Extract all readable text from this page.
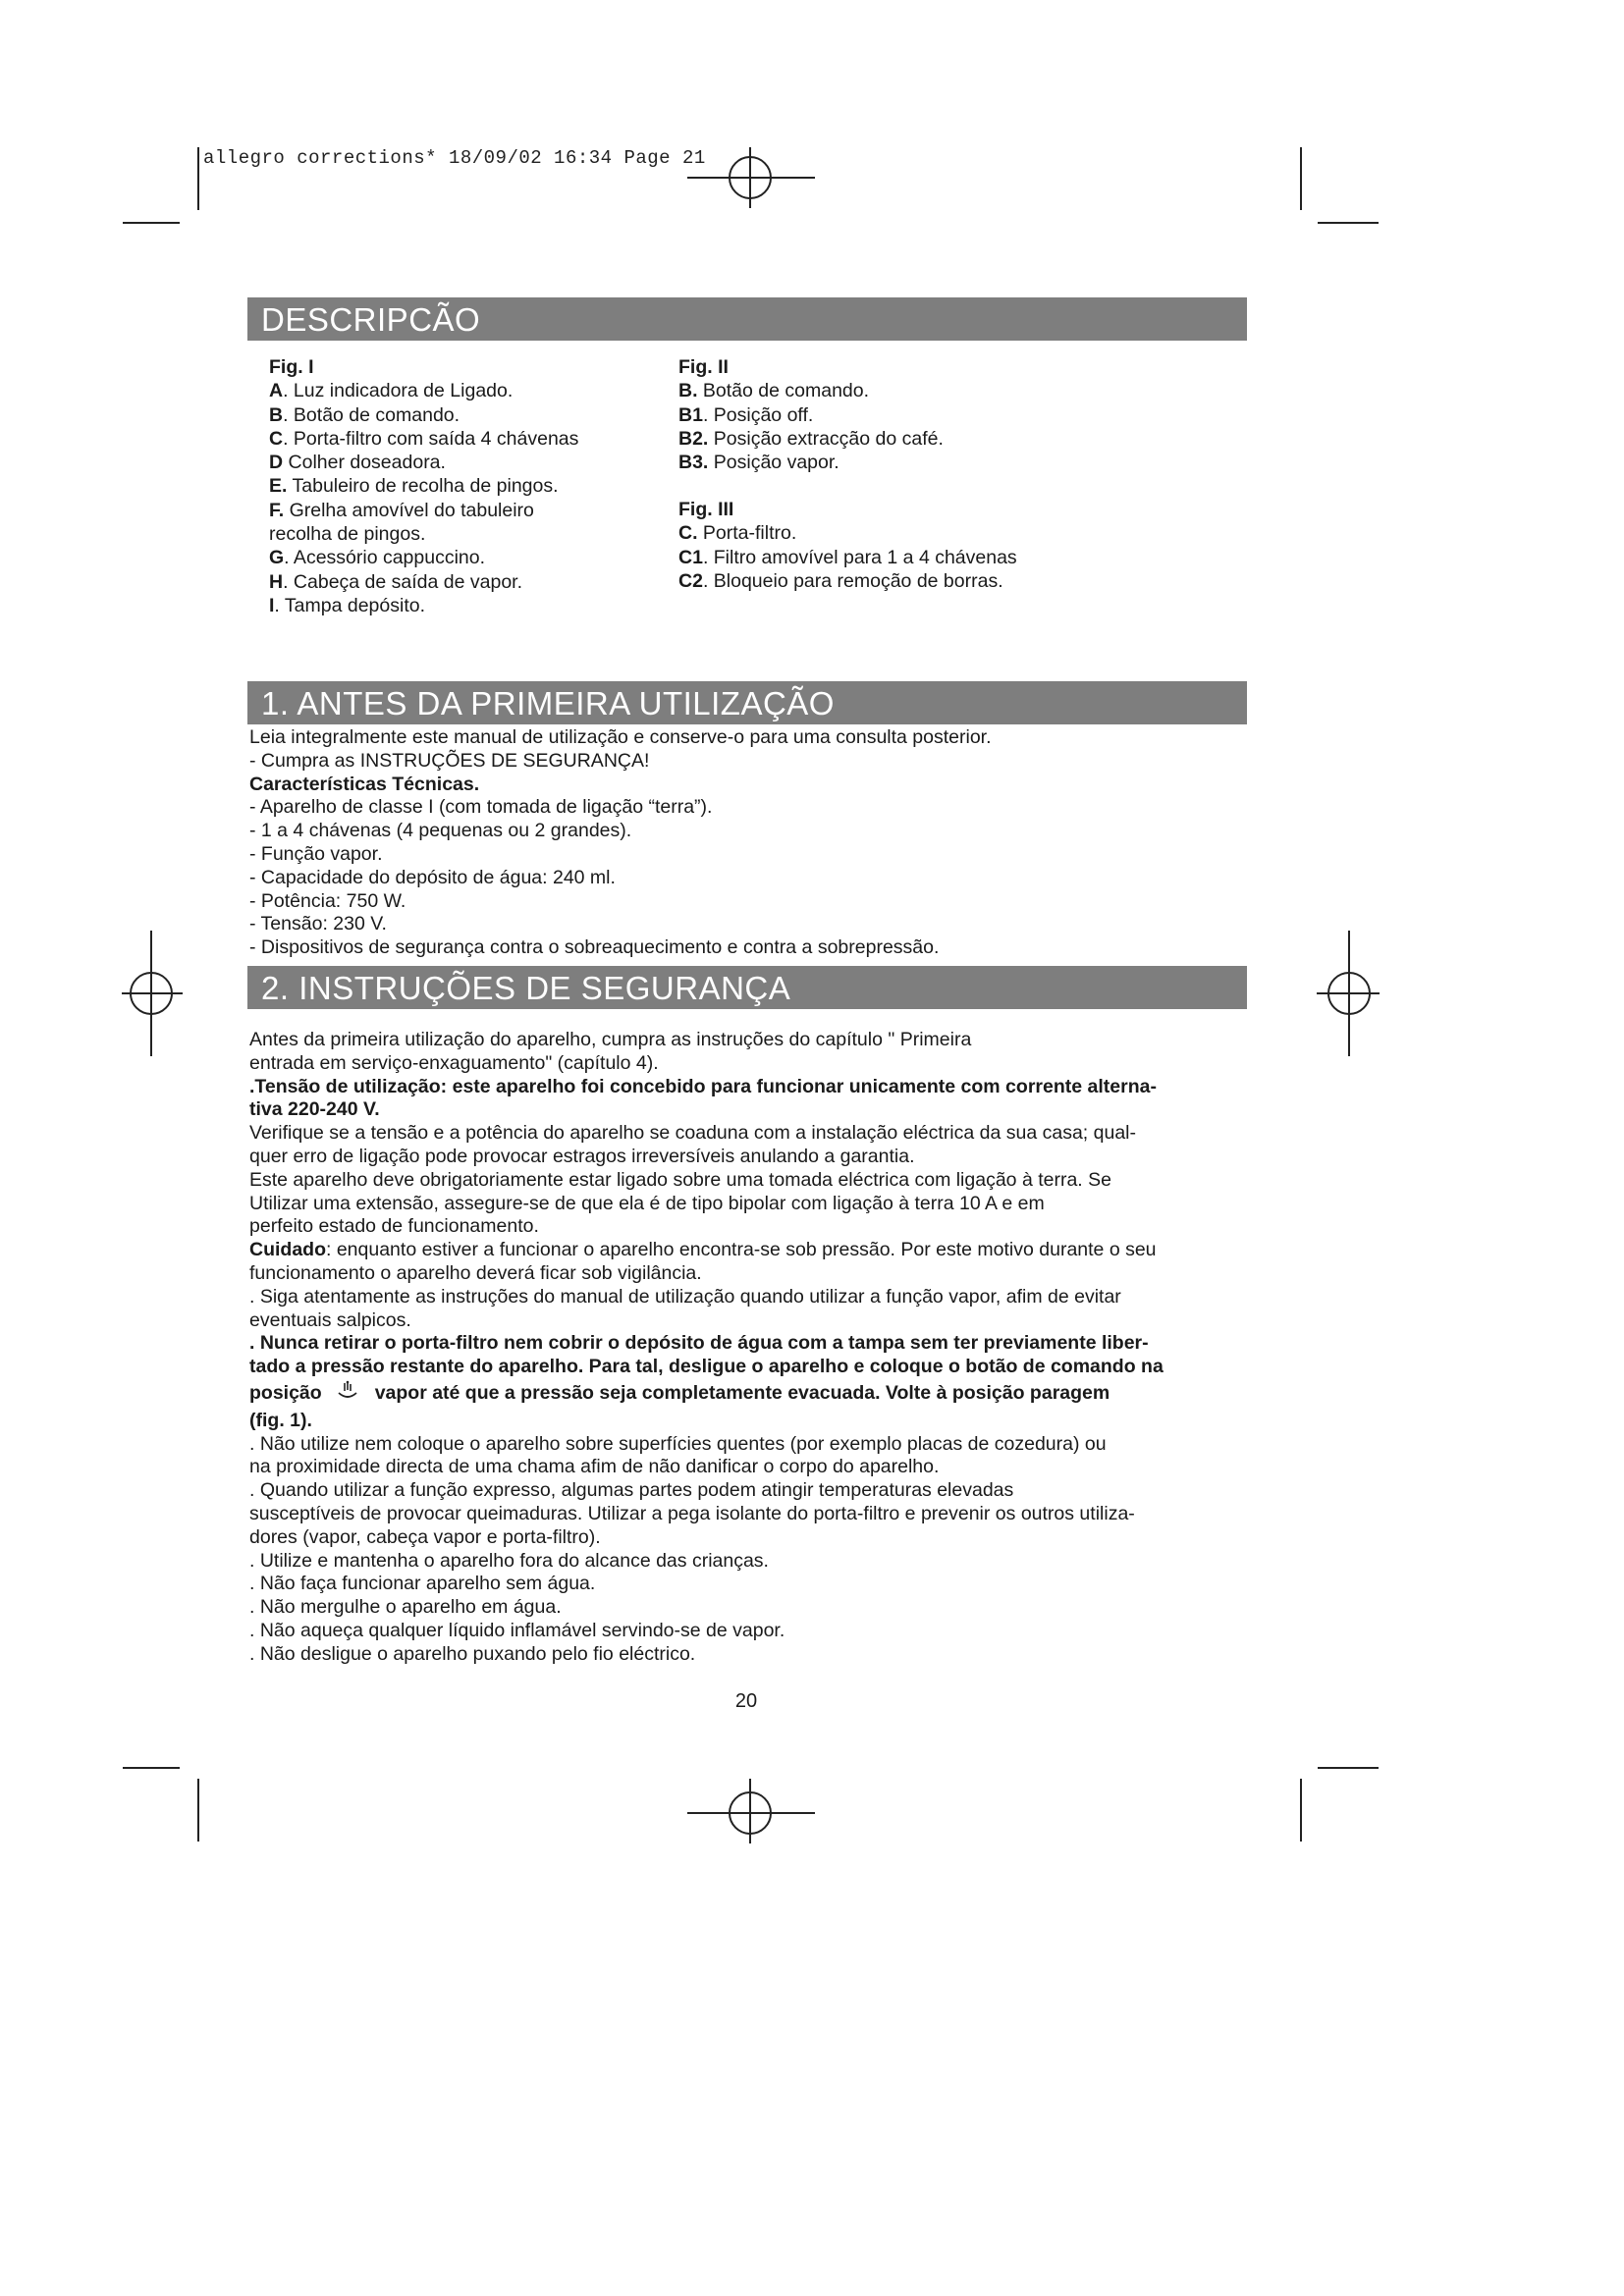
allegro corrections* 18/09/02 16:34 Page 21
DESCRIPCÃO
Fig. I
A. Luz indicadora de Ligado.
B. Botão de comando.
C. Porta-filtro com saída 4 chávenas
D Colher doseadora.
E. Tabuleiro de recolha de pingos.
F. Grelha amovível do tabuleiro
recolha de pingos.
G. Acessório cappuccino.
H. Cabeça de saída de vapor.
I. Tampa depósito.
Fig. II
B. Botão de comando.
B1. Posição off.
B2. Posição extracção do café.
B3. Posição vapor.
Fig. III
C. Porta-filtro.
C1. Filtro amovível para 1 a 4 chávenas
C2. Bloqueio para remoção de borras.
1. ANTES DA PRIMEIRA UTILIZAÇÃO
Leia integralmente este manual de utilização e conserve-o para uma consulta posterior.
- Cumpra as INSTRUÇÕES DE SEGURANÇA!
Características Técnicas.
- Aparelho de classe I (com tomada de ligação “terra”).
- 1 a 4 chávenas (4 pequenas ou 2 grandes).
- Função vapor.
- Capacidade do depósito de água: 240 ml.
- Potência: 750 W.
- Tensão: 230 V.
- Dispositivos de segurança contra o sobreaquecimento e contra a sobrepressão.
2. INSTRUÇÕES DE SEGURANÇA
Antes da primeira utilização do aparelho, cumpra as instruções do capítulo " Primeira
entrada em serviço-enxaguamento" (capítulo 4).
.Tensão de utilização: este aparelho foi concebido para funcionar unicamente com corrente alterna-
tiva 220-240 V.
Verifique se a tensão e a potência do aparelho se coaduna com a instalação eléctrica da sua casa; qual-
quer erro de ligação pode provocar estragos irreversíveis anulando a garantia.
Este aparelho deve obrigatoriamente estar ligado sobre uma tomada eléctrica com ligação à terra. Se
Utilizar uma extensão, assegure-se de que ela é de tipo bipolar com ligação à terra 10 A e em
perfeito estado de funcionamento.
Cuidado: enquanto estiver a funcionar o aparelho encontra-se sob pressão. Por este motivo durante o seu
funcionamento o aparelho deverá ficar sob vigilância.
. Siga atentamente as instruções do manual de utilização quando utilizar a função vapor, afim de evitar
eventuais salpicos.
. Nunca retirar o porta-filtro nem cobrir o depósito de água com a tampa sem ter previamente liber-
tado a pressão restante do aparelho. Para tal, desligue o aparelho e coloque o botão de comando na
posição	vapor até que a pressão seja completamente evacuada. Volte à posição paragem
(fig. 1).
. Não utilize nem coloque o aparelho sobre superfícies quentes (por exemplo placas de cozedura) ou
na proximidade directa de uma chama afim de não danificar o corpo do aparelho.
. Quando utilizar a função expresso, algumas partes podem atingir temperaturas elevadas
susceptíveis de provocar queimaduras. Utilizar a pega isolante do porta-filtro e prevenir os outros utiliza-
dores (vapor, cabeça vapor e porta-filtro).
. Utilize e mantenha o aparelho fora do alcance das crianças.
. Não faça funcionar aparelho sem água.
. Não mergulhe o aparelho em água.
. Não aqueça qualquer líquido inflamável servindo-se de vapor.
. Não desligue o aparelho puxando pelo fio eléctrico.
20
